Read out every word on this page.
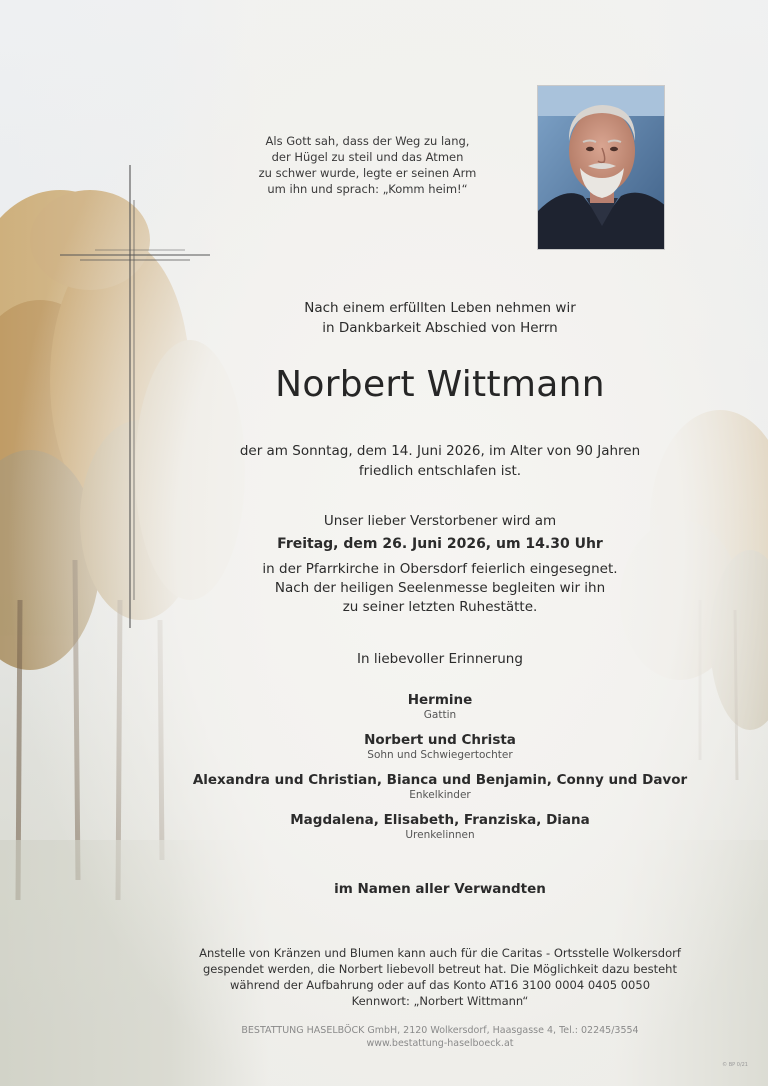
Als Gott sah, dass der Weg zu lang,
der Hügel zu steil und das Atmen
zu schwer wurde, legte er seinen Arm
um ihn und sprach: „Komm heim!“
Nach einem erfüllten Leben nehmen wir
in Dankbarkeit Abschied von Herrn
Norbert Wittmann
der am Sonntag, dem 14. Juni 2026, im Alter von 90 Jahren
friedlich entschlafen ist.
Unser lieber Verstorbener wird am
Freitag, dem 26. Juni 2026, um 14.30 Uhr
in der Pfarrkirche in Obersdorf feierlich eingesegnet.
Nach der heiligen Seelenmesse begleiten wir ihn
zu seiner letzten Ruhestätte.
In liebevoller Erinnerung
Hermine
Gattin
Norbert und Christa
Sohn und Schwiegertochter
Alexandra und Christian, Bianca und Benjamin, Conny und Davor
Enkelkinder
Magdalena, Elisabeth, Franziska, Diana
Urenkelinnen
im Namen aller Verwandten
Anstelle von Kränzen und Blumen kann auch für die Caritas - Ortsstelle Wolkersdorf
gespendet werden, die Norbert liebevoll betreut hat. Die Möglichkeit dazu besteht
während der Aufbahrung oder auf das Konto AT16 3100 0004 0405 0050
Kennwort: „Norbert Wittmann“
BESTATTUNG HASELBÖCK GmbH, 2120 Wolkersdorf, Haasgasse 4, Tel.: 02245/3554
www.bestattung-haselboeck.at
© BP 0/21
